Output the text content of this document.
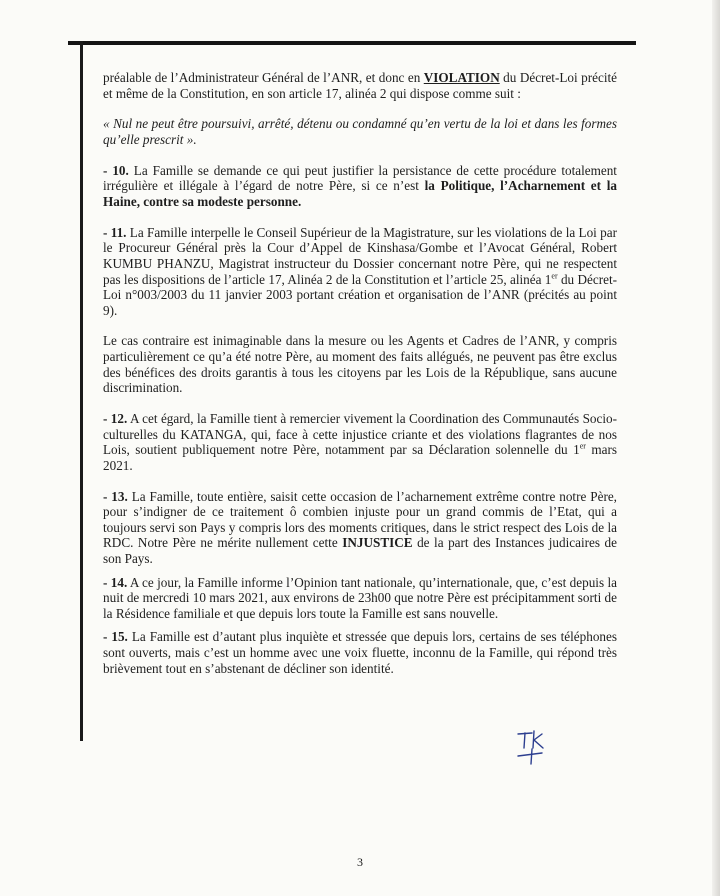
préalable de l’Administrateur Général de l’ANR, et donc en VIOLATION du Décret-Loi précité et même de la Constitution, en son article 17, alinéa 2 qui dispose comme suit :

« Nul ne peut être poursuivi, arrêté, détenu ou condamné qu’en vertu de la loi et dans les formes qu’elle prescrit ».

- 10. La Famille se demande ce qui peut justifier la persistance de cette procédure totalement irrégulière et illégale à l’égard de notre Père, si ce n’est la Politique, l’Acharnement et la Haine, contre sa modeste personne.

- 11. La Famille interpelle le Conseil Supérieur de la Magistrature, sur les violations de la Loi par le Procureur Général près la Cour d’Appel de Kinshasa/Gombe et l’Avocat Général, Robert KUMBU PHANZU, Magistrat instructeur du Dossier concernant notre Père, qui ne respectent pas les dispositions de l’article 17, Alinéa 2 de la Constitution et l’article 25, alinéa 1er du Décret-Loi n°003/2003 du 11 janvier 2003 portant création et organisation de l’ANR (précités au point 9).

Le cas contraire est inimaginable dans la mesure ou les Agents et Cadres de l’ANR, y compris particulièrement ce qu’a été notre Père, au moment des faits allégués, ne peuvent pas être exclus des bénéfices des droits garantis à tous les citoyens par les Lois de la République, sans aucune discrimination.

- 12. A cet égard, la Famille tient à remercier vivement la Coordination des Communautés Socio-culturelles du KATANGA, qui, face à cette injustice criante et des violations flagrantes de nos Lois, soutient publiquement notre Père, notamment par sa Déclaration solennelle du 1er mars 2021.

- 13. La Famille, toute entière, saisit cette occasion de l’acharnement extrême contre notre Père, pour s’indigner de ce traitement ô combien injuste pour un grand commis de l’Etat, qui a toujours servi son Pays y compris lors des moments critiques, dans le strict respect des Lois de la RDC. Notre Père ne mérite nullement cette INJUSTICE de la part des Instances judicaires de son Pays.

- 14. A ce jour, la Famille informe l’Opinion tant nationale, qu’internationale, que, c’est depuis la nuit de mercredi 10 mars 2021, aux environs de 23h00 que notre Père est précipitamment sorti de la Résidence familiale et que depuis lors toute la Famille est sans nouvelle.

- 15. La Famille est d’autant plus inquiète et stressée que depuis lors, certains de ses téléphones sont ouverts, mais c’est un homme avec une voix fluette, inconnu de la Famille, qui répond très brièvement tout en s’abstenant de décliner son identité.

3
